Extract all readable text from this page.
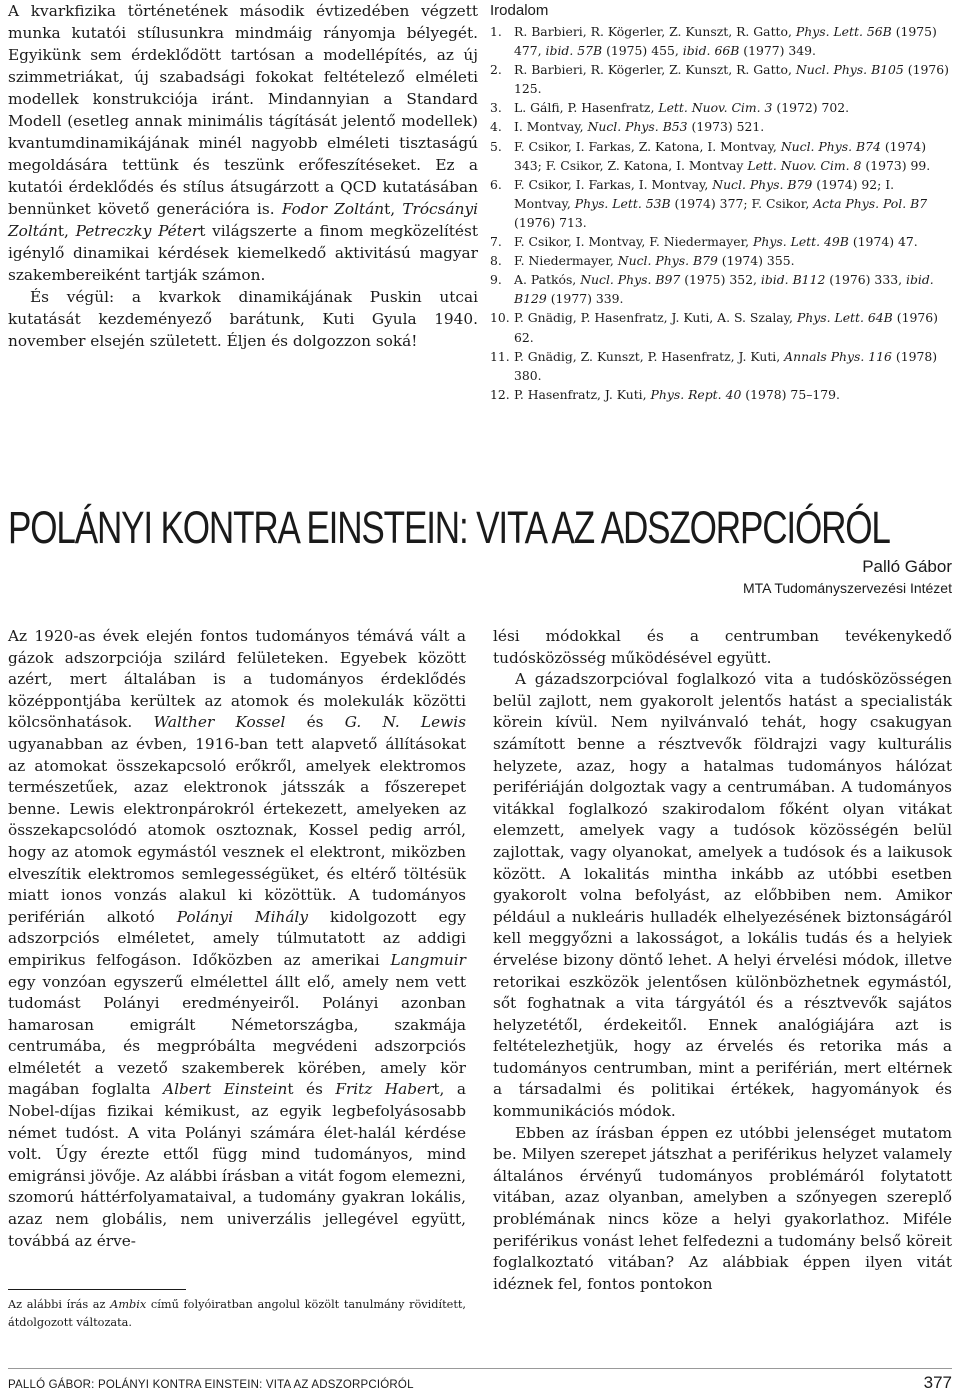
A kvarkfizika történetének második évtizedében végzett munka kutatói stílusunkra mindmáig rányomja bélyegét. Egyikünk sem érdeklődött tartósan a modellépítés, az új szimmetriákat, új szabadsági fokokat feltételező elméleti modellek konstrukciója iránt. Mindannyian a Standard Modell (esetleg annak minimális tágítását jelentő modellek) kvantumdinamikájának minél nagyobb elméleti tisztaságú megoldására tettünk és teszünk erőfeszítéseket. Ez a kutatói érdeklődés és stílus átsugárzott a QCD kutatásában bennünket követő generációra is. Fodor Zoltánt, Trócsányi Zoltánt, Petreczky Pétert világszerte a finom megközelítést igénylő dinamikai kérdések kiemelkedő aktivitású magyar szakembereiként tartják számon.

És végül: a kvarkok dinamikájának Puskin utcai kutatását kezdeményező barátunk, Kuti Gyula 1940. november elsején született. Éljen és dolgozzon soká!

Irodalom

1. R. Barbieri, R. Kögerler, Z. Kunszt, R. Gatto, Phys. Lett. 56B (1975) 477, ibid. 57B (1975) 455, ibid. 66B (1977) 349.
2. R. Barbieri, R. Kögerler, Z. Kunszt, R. Gatto, Nucl. Phys. B105 (1976) 125.
3. L. Gálfi, P. Hasenfratz, Lett. Nuov. Cim. 3 (1972) 702.
4. I. Montvay, Nucl. Phys. B53 (1973) 521.
5. F. Csikor, I. Farkas, Z. Katona, I. Montvay, Nucl. Phys. B74 (1974) 343; F. Csikor, Z. Katona, I. Montvay Lett. Nuov. Cim. 8 (1973) 99.
6. F. Csikor, I. Farkas, I. Montvay, Nucl. Phys. B79 (1974) 92; I. Montvay, Phys. Lett. 53B (1974) 377; F. Csikor, Acta Phys. Pol. B7 (1976) 713.
7. F. Csikor, I. Montvay, F. Niedermayer, Phys. Lett. 49B (1974) 47.
8. F. Niedermayer, Nucl. Phys. B79 (1974) 355.
9. A. Patkós, Nucl. Phys. B97 (1975) 352, ibid. B112 (1976) 333, ibid. B129 (1977) 339.
10. P. Gnädig, P. Hasenfratz, J. Kuti, A. S. Szalay, Phys. Lett. 64B (1976) 62.
11. P. Gnädig, Z. Kunszt, P. Hasenfratz, J. Kuti, Annals Phys. 116 (1978) 380.
12. P. Hasenfratz, J. Kuti, Phys. Rept. 40 (1978) 75–179.
POLÁNYI KONTRA EINSTEIN: VITA AZ ADSZORPCIÓRÓL
Palló Gábor
MTA Tudományszervezési Intézet

Az 1920-as évek elején fontos tudományos témává vált a gázok adszorpciója szilárd felületeken. Egyebek között azért, mert általában is a tudományos érdeklődés középpontjába kerültek az atomok és molekulák közötti kölcsönhatások. Walther Kossel és G. N. Lewis ugyanabban az évben, 1916-ban tett alapvető állításokat az atomokat összekapcsoló erőkről, amelyek elektromos természetűek, azaz elektronok játsszák a főszerepet benne. Lewis elektronpárokról értekezett, amelyeken az összekapcsolódó atomok osztoznak, Kossel pedig arról, hogy az atomok egymástól vesznek el elektront, miközben elveszítik elektromos semlegességüket, és eltérő töltésük miatt ionos vonzás alakul ki közöttük. A tudományos periférián alkotó Polányi Mihály kidolgozott egy adszorpciós elméletet, amely túlmutatott az addigi empirikus felfogáson. Időközben az amerikai Langmuir egy vonzóan egyszerű elmélettel állt elő, amely nem vett tudomást Polányi eredményeiről. Polányi azonban hamarosan emigrált Németországba, szakmája centrumába, és megpróbálta megvédeni adszorpciós elméletét a vezető szakemberek körében, amely kör magában foglalta Albert Einsteint és Fritz Habert, a Nobel-díjas fizikai kémikust, az egyik legbefolyásosabb német tudóst. A vita Polányi számára élet-halál kérdése volt. Úgy érezte ettől függ mind tudományos, mind emigránsi jövője. Az alábbi írásban a vitát fogom elemezni, szomorú háttérfolyamataival, a tudomány gyakran lokális, azaz nem globális, nem univerzális jellegével együtt, továbbá az érve-

Az alábbi írás az Ambix című folyóiratban angolul közölt tanulmány rövidített, átdolgozott változata.

lési módokkal és a centrumban tevékenykedő tudósközösség működésével együtt.

A gázadszorpcióval foglalkozó vita a tudósközösségen belül zajlott, nem gyakorolt jelentős hatást a specialisták körein kívül. Nem nyilvánvaló tehát, hogy csakugyan számított benne a résztvevők földrajzi vagy kulturális helyzete, azaz, hogy a hatalmas tudományos hálózat perifériáján dolgoztak vagy a centrumában. A tudományos vitákkal foglalkozó szakirodalom főként olyan vitákat elemzett, amelyek vagy a tudósok közösségén belül zajlottak, vagy olyanokat, amelyek a tudósok és a laikusok között. A lokalitás mintha inkább az utóbbi esetben gyakorolt volna befolyást, az előbbiben nem. Amikor például a nukleáris hulladék elhelyezésének biztonságáról kell meggyőzni a lakosságot, a lokális tudás és a helyiek érvelése bizony döntő lehet. A helyi érvelési módok, illetve retorikai eszközök jelentősen különbözhetnek egymástól, sőt foghatnak a vita tárgyától és a résztvevők sajátos helyzetétől, érdekeitől. Ennek analógiájára azt is feltételezhetjük, hogy az érvelés és retorika más a tudományos centrumban, mint a periférián, mert eltérnek a társadalmi és politikai értékek, hagyományok és kommunikációs módok.

Ebben az írásban éppen ez utóbbi jelenséget mutatom be. Milyen szerepet játszhat a periférikus helyzet valamely általános érvényű tudományos problémáról folytatott vitában, azaz olyanban, amelyben a szőnyegen szereplő problémának nincs köze a helyi gyakorlathoz. Miféle periférikus vonást lehet felfedezni a tudomány belső köreit foglalkoztató vitában? Az alábbiak éppen ilyen vitát idéznek fel, fontos pontokon

PALLÓ GÁBOR: POLÁNYI KONTRA EINSTEIN: VITA AZ ADSZORPCIÓRÓL	377
